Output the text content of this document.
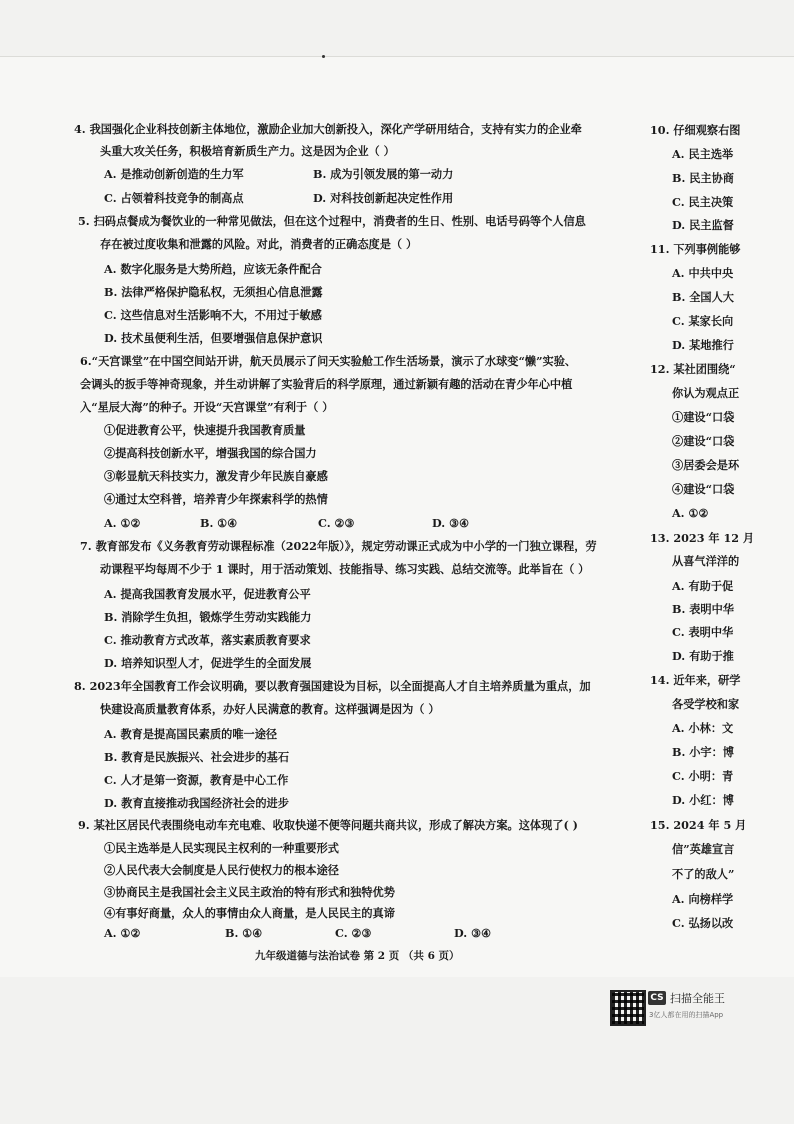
4. 我国强化企业科技创新主体地位，激励企业加大创新投入，深化产学研用结合，支持有实力的企业牵
头重大攻关任务，积极培育新质生产力。这是因为企业（ ）
A. 是推动创新创造的生力军	B. 成为引领发展的第一动力
C. 占领着科技竞争的制高点	D. 对科技创新起决定性作用
5. 扫码点餐成为餐饮业的一种常见做法，但在这个过程中，消费者的生日、性别、电话号码等个人信息
存在被过度收集和泄露的风险。对此，消费者的正确态度是（ ）
A. 数字化服务是大势所趋，应该无条件配合
B. 法律严格保护隐私权，无须担心信息泄露
C. 这些信息对生活影响不大，不用过于敏感
D. 技术虽便利生活，但要增强信息保护意识
6.“天宫课堂”在中国空间站开讲，航天员展示了问天实验舱工作生活场景，演示了水球变“懒”实验、
会调头的扳手等神奇现象，并生动讲解了实验背后的科学原理，通过新颖有趣的活动在青少年心中植
入“星辰大海”的种子。开设“天宫课堂”有利于（ ）
①促进教育公平，快速提升我国教育质量
②提高科技创新水平，增强我国的综合国力
③彰显航天科技实力，激发青少年民族自豪感
④通过太空科普，培养青少年探索科学的热情
A. ①②	B. ①④	C. ②③	D. ③④
7. 教育部发布《义务教育劳动课程标准（2022年版）》，规定劳动课正式成为中小学的一门独立课程，劳
动课程平均每周不少于 1 课时，用于活动策划、技能指导、练习实践、总结交流等。此举旨在（ ）
A. 提高我国教育发展水平，促进教育公平
B. 消除学生负担，锻炼学生劳动实践能力
C. 推动教育方式改革，落实素质教育要求
D. 培养知识型人才，促进学生的全面发展
8. 2023年全国教育工作会议明确，要以教育强国建设为目标，以全面提高人才自主培养质量为重点，加
快建设高质量教育体系，办好人民满意的教育。这样强调是因为（ ）
A. 教育是提高国民素质的唯一途径
B. 教育是民族振兴、社会进步的基石
C. 人才是第一资源，教育是中心工作
D. 教育直接推动我国经济社会的进步
9. 某社区居民代表围绕电动车充电难、收取快递不便等问题共商共议，形成了解决方案。这体现了( )
①民主选举是人民实现民主权利的一种重要形式
②人民代表大会制度是人民行使权力的根本途径
③协商民主是我国社会主义民主政治的特有形式和独特优势
④有事好商量，众人的事情由众人商量，是人民民主的真谛
A. ①②	B. ①④	C. ②③	D. ③④
10. 仔细观察右图
A. 民主选举
B. 民主协商
C. 民主决策
D. 民主监督
11. 下列事例能够
A. 中共中央
B. 全国人大
C. 某家长向
D. 某地推行
12. 某社团围绕“
你认为观点正
①建设“口袋
②建设“口袋
③居委会是环
④建设“口袋
A. ①②
13. 2023 年 12 月
从喜气洋洋的
A. 有助于促
B. 表明中华
C. 表明中华
D. 有助于推
14. 近年来，研学
各受学校和家
A. 小林：文
B. 小宇：博
C. 小明：青
D. 小红：博
15. 2024 年 5 月
信”英雄宣言
不了的敌人”
A. 向榜样学
C. 弘扬以改
九年级道德与法治试卷 第 2 页 （共 6 页）
CS 扫描全能王
3亿人都在用的扫描App
